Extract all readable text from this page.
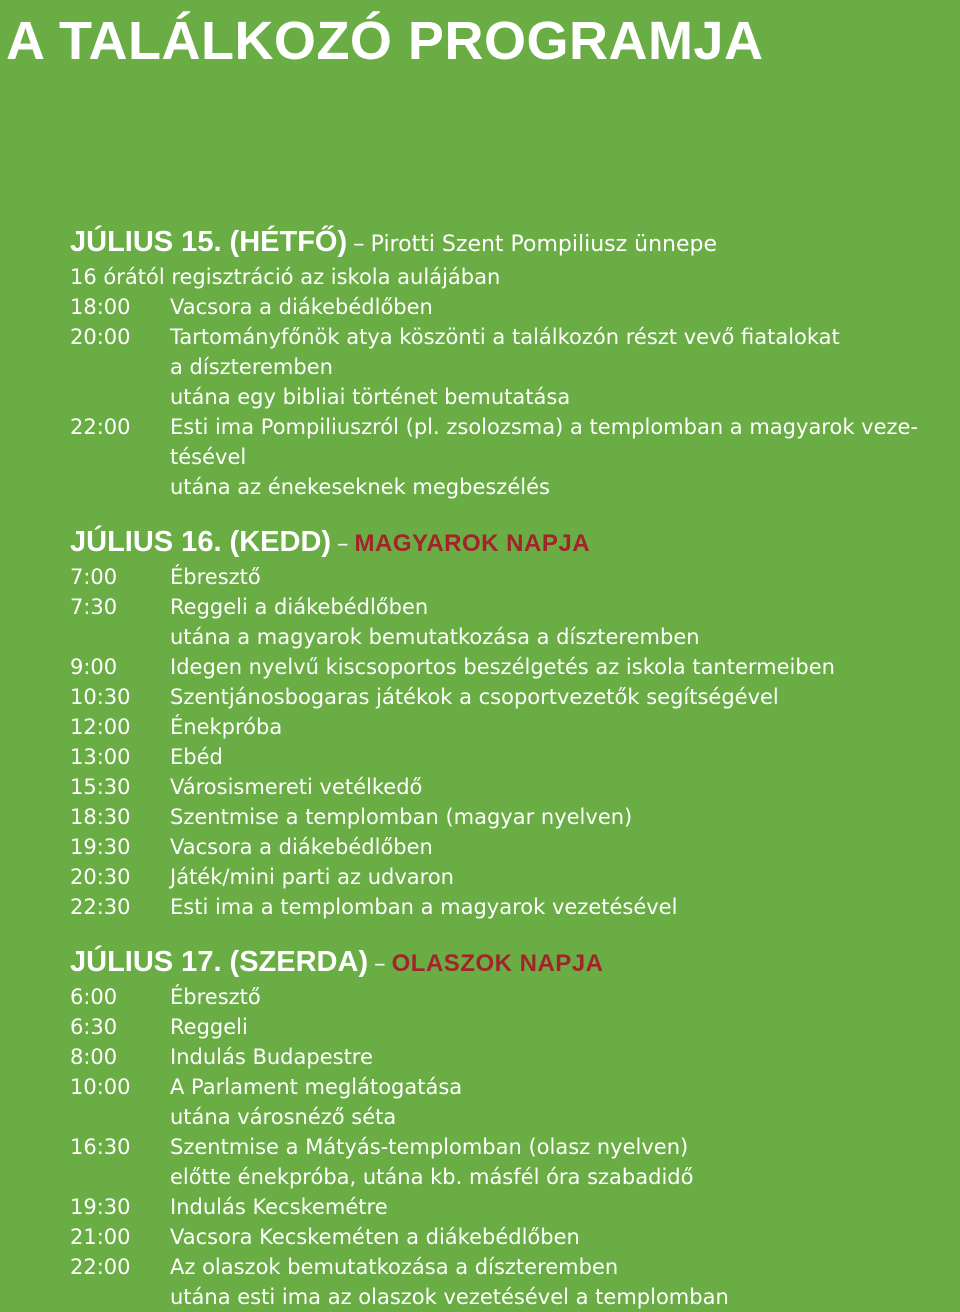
A TALÁLKOZÓ PROGRAMJA
JÚLIUS 15. (HÉTFŐ) – Pirotti Szent Pompiliusz ünnepe
16 órától regisztráció az iskola aulájában
18:00	Vacsora a diákebédlőben
20:00	Tartományfőnök atya köszönti a találkozón részt vevő fiatalokat
a díszteremben
utána egy bibliai történet bemutatása
22:00	Esti ima Pompiliuszról (pl. zsolozsma) a templomban a magyarok veze-
tésével
utána az énekeseknek megbeszélés
JÚLIUS 16. (KEDD) – MAGYAROK NAPJA
7:00	Ébresztő
7:30	Reggeli a diákebédlőben
utána a magyarok bemutatkozása a díszteremben
9:00	Idegen nyelvű kiscsoportos beszélgetés az iskola tantermeiben
10:30	Szentjánosbogaras játékok a csoportvezetők segítségével
12:00	Énekpróba
13:00	Ebéd
15:30	Városismereti vetélkedő
18:30	Szentmise a templomban (magyar nyelven)
19:30	Vacsora a diákebédlőben
20:30	Játék/mini parti az udvaron
22:30	Esti ima a templomban a magyarok vezetésével
JÚLIUS 17. (SZERDA) – OLASZOK NAPJA
6:00	Ébresztő
6:30	Reggeli
8:00	Indulás Budapestre
10:00	A Parlament meglátogatása
utána városnéző séta
16:30	Szentmise a Mátyás-templomban (olasz nyelven)
előtte énekpróba, utána kb. másfél óra szabadidő
19:30	Indulás Kecskemétre
21:00	Vacsora Kecskeméten a diákebédlőben
22:00	Az olaszok bemutatkozása a díszteremben
utána esti ima az olaszok vezetésével a templomban
